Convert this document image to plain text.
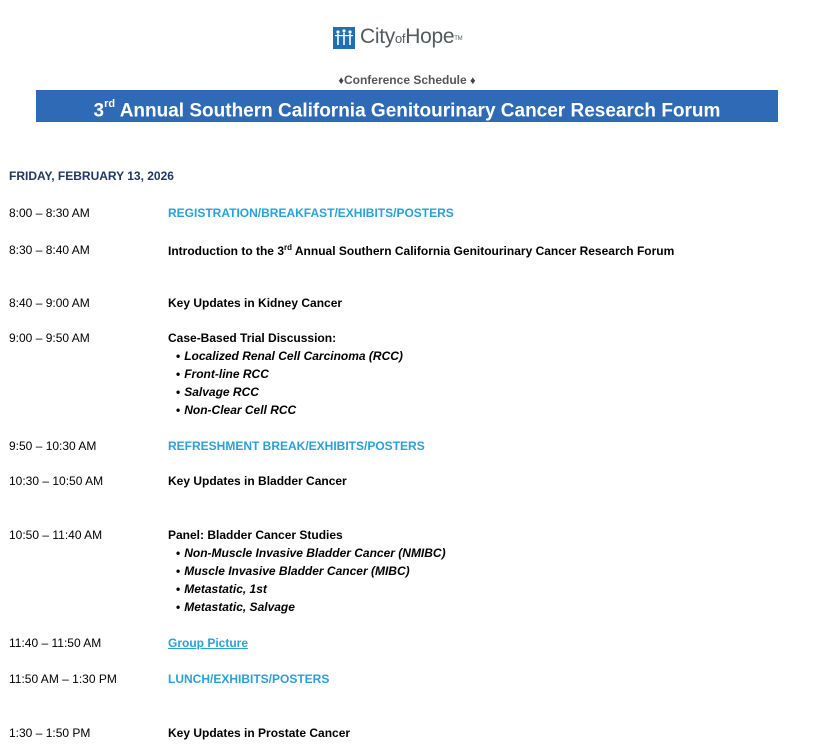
CityofHopeTM
♦Conference Schedule ♦
3rd Annual Southern California Genitourinary Cancer Research Forum
FRIDAY, FEBRUARY 13, 2026
8:00 – 8:30 AM	REGISTRATION/BREAKFAST/EXHIBITS/POSTERS
8:30 – 8:40 AM	Introduction to the 3rd Annual Southern California Genitourinary Cancer Research Forum
8:40 – 9:00 AM	Key Updates in Kidney Cancer
9:00 – 9:50 AM	Case-Based Trial Discussion:
• Localized Renal Cell Carcinoma (RCC)
• Front-line RCC
• Salvage RCC
• Non-Clear Cell RCC
9:50 – 10:30 AM	REFRESHMENT BREAK/EXHIBITS/POSTERS
10:30 – 10:50 AM	Key Updates in Bladder Cancer
10:50 – 11:40 AM	Panel: Bladder Cancer Studies
• Non-Muscle Invasive Bladder Cancer (NMIBC)
• Muscle Invasive Bladder Cancer (MIBC)
• Metastatic, 1st
• Metastatic, Salvage
11:40 – 11:50 AM	Group Picture
11:50 AM – 1:30 PM	LUNCH/EXHIBITS/POSTERS
1:30 – 1:50 PM	Key Updates in Prostate Cancer
